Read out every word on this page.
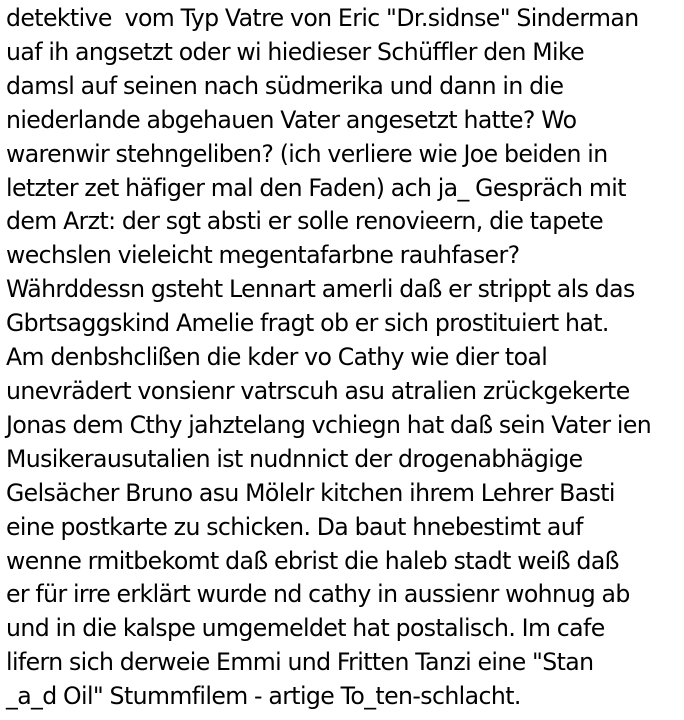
detektive  vom Typ Vatre von Eric "Dr.sidnse" Sinderman
uaf ih angsetzt oder wi hiedieser Schüffler den Mike
damsl auf seinen nach südmerika und dann in die
niederlande abgehauen Vater angesetzt hatte? Wo
warenwir stehngeliben? (ich verliere wie Joe beiden in
letzter zet häfiger mal den Faden) ach ja_ Gespräch mit
dem Arzt: der sgt absti er solle renovieern, die tapete
wechslen vieleicht megentafarbne rauhfaser?
Währddessn gsteht Lennart amerli daß er strippt als das
Gbrtsaggskind Amelie fragt ob er sich prostituiert hat.
Am denbshclißen die kder vo Cathy wie dier toal
unevrädert vonsienr vatrscuh asu atralien zrückgekerte
Jonas dem Cthy jahztelang vchiegn hat daß sein Vater ien
Musikerausutalien ist nudnnict der drogenabhägige
Gelsächer Bruno asu Mölelr kitchen ihrem Lehrer Basti
eine postkarte zu schicken. Da baut hnebestimt auf
wenne rmitbekomt daß ebrist die haleb stadt weiß daß
er für irre erklärt wurde nd cathy in aussienr wohnug ab
und in die kalspe umgemeldet hat postalisch. Im cafe
lifern sich derweie Emmi und Fritten Tanzi eine "Stan
_a_d Oil" Stummfilem - artige To_ten-schlacht.
